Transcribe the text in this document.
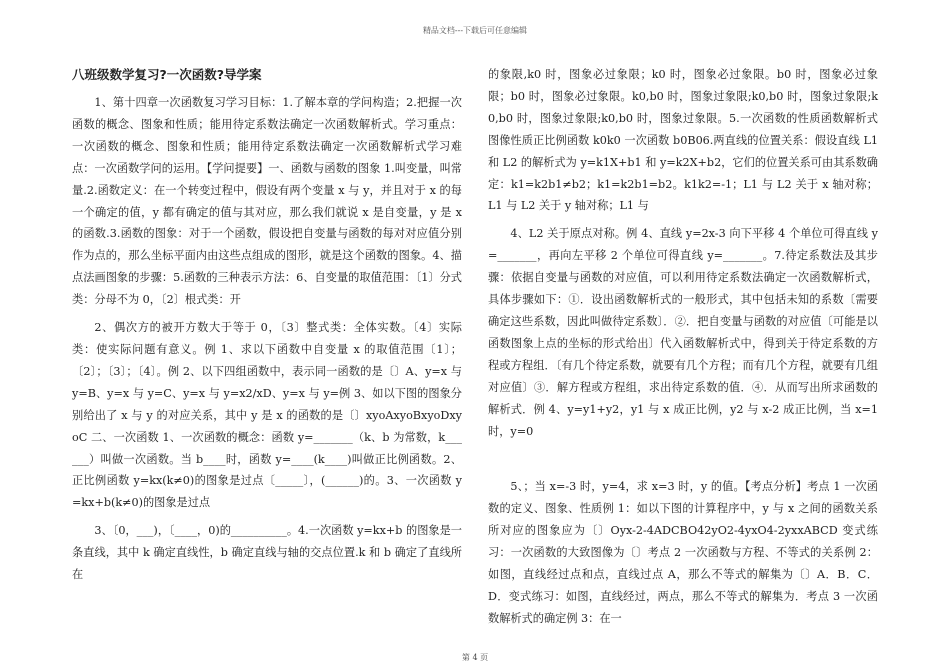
精品文档---下载后可任意编辑
八班级数学复习?一次函数?导学案

1、第十四章一次函数复习学习目标：1.了解本章的学问构造；2.把握一次函数的概念、图象和性质；能用待定系数法确定一次函数解析式。学习重点：一次函数的概念、图象和性质；能用待定系数法确定一次函数解析式学习难点：一次函数学问的运用。【学问提要】一、函数与函数的图象 1.叫变量，叫常量.2.函数定义：在一个转变过程中，假设有两个变量 x 与 y，并且对于 x 的每一个确定的值，y 都有确定的值与其对应，那么我们就说 x 是自变量，y 是 x 的函数.3.函数的图象：对于一个函数，假设把自变量与函数的每对对应值分别作为点的，那么坐标平面内由这些点组成的图形，就是这个函数的图象。4、描点法画图象的步骤：5.函数的三种表示方法：6、自变量的取值范围：〔1〕分式类：分母不为 0，〔2〕根式类：开

2、偶次方的被开方数大于等于 0，〔3〕整式类：全体实数。〔4〕实际类：使实际问题有意义。例 1、求以下函数中自变量 x 的取值范围〔1〕；〔2〕；〔3〕；〔4〕。例 2、以下四组函数中，表示同一函数的是〔〕A、y=x 与 y=B、y=x 与 y=C、y=x 与 y=x2/xD、y=x 与 y=例 3、如以下图的图象分别给出了 x 与 y 的对应关系，其中 y 是 x 的函数的是〔〕xyoAxyoBxyoDxyoC 二、一次函数 1、一次函数的概念：函数 y=_______（k、b 为常数，k______）叫做一次函数。当 b____时，函数 y=____(k____)叫做正比例函数。2、正比例函数 y=kx(k≠0)的图象是过点〔_____〕，(______)的。3、一次函数 y=kx+b(k≠0)的图象是过点

3、〔0，___)，〔____，0)的__________。4.一次函数 y=kx+b 的图象是一条直线，其中 k 确定直线性，b 确定直线与轴的交点位置.k 和 b 确定了直线所在

的象限,k0 时，图象必过象限；k0 时，图象必过象限。b0 时，图象必过象限；b0 时，图象必过象限。k0,b0 时，图象过象限;k0,b0 时，图象过象限;k0,b0 时，图象过象限;k0,b0 时，图象过象限。5.一次函数的性质函数解析式图像性质正比例函数 k0k0 一次函数 b0B06.两直线的位置关系：假设直线 L1 和 L2 的解析式为 y=k1X+b1 和 y=k2X+b2，它们的位置关系可由其系数确定：k1=k2b1≠b2；k1=k2b1=b2。k1k2=-1；L1 与 L2 关于 x 轴对称；L1 与 L2 关于 y 轴对称；L1 与

4、L2 关于原点对称。例 4、直线 y=2x-3 向下平移 4 个单位可得直线 y=_______，再向左平移 2 个单位可得直线 y=_______。7.待定系数法及其步骤：依据自变量与函数的对应值，可以利用待定系数法确定一次函数解析式，具体步骤如下：①．设出函数解析式的一般形式，其中包括未知的系数〔需要确定这些系数，因此叫做待定系数〕．②．把自变量与函数的对应值〔可能是以函数图象上点的坐标的形式给出〕代入函数解析式中，得到关于待定系数的方程或方程组．〔有几个待定系数，就要有几个方程；而有几个方程，就要有几组对应值〕③．解方程或方程组，求出待定系数的值．④．从而写出所求函数的解析式．例 4、y=y1+y2，y1 与 x 成正比例，y2 与 x-2 成正比例，当 x=1 时，y=0

5、；当 x=-3 时，y=4，求 x=3 时，y 的值。【考点分析】考点 1 一次函数的定义、图象、性质例 1：如以下图的计算程序中，y 与 x 之间的函数关系所对应的图象应为〔〕Oyx-2-4ADCBO42yO2-4yxO4-2yxxABCD 变式练习：一次函数的大致图像为〔〕考点 2 一次函数与方程、不等式的关系例 2：如图，直线经过点和点，直线过点 A，那么不等式的解集为〔〕A．B．C．D．变式练习：如图，直线经过，两点，那么不等式的解集为．考点 3 一次函数解析式的确定例 3：在一

第 4 页
